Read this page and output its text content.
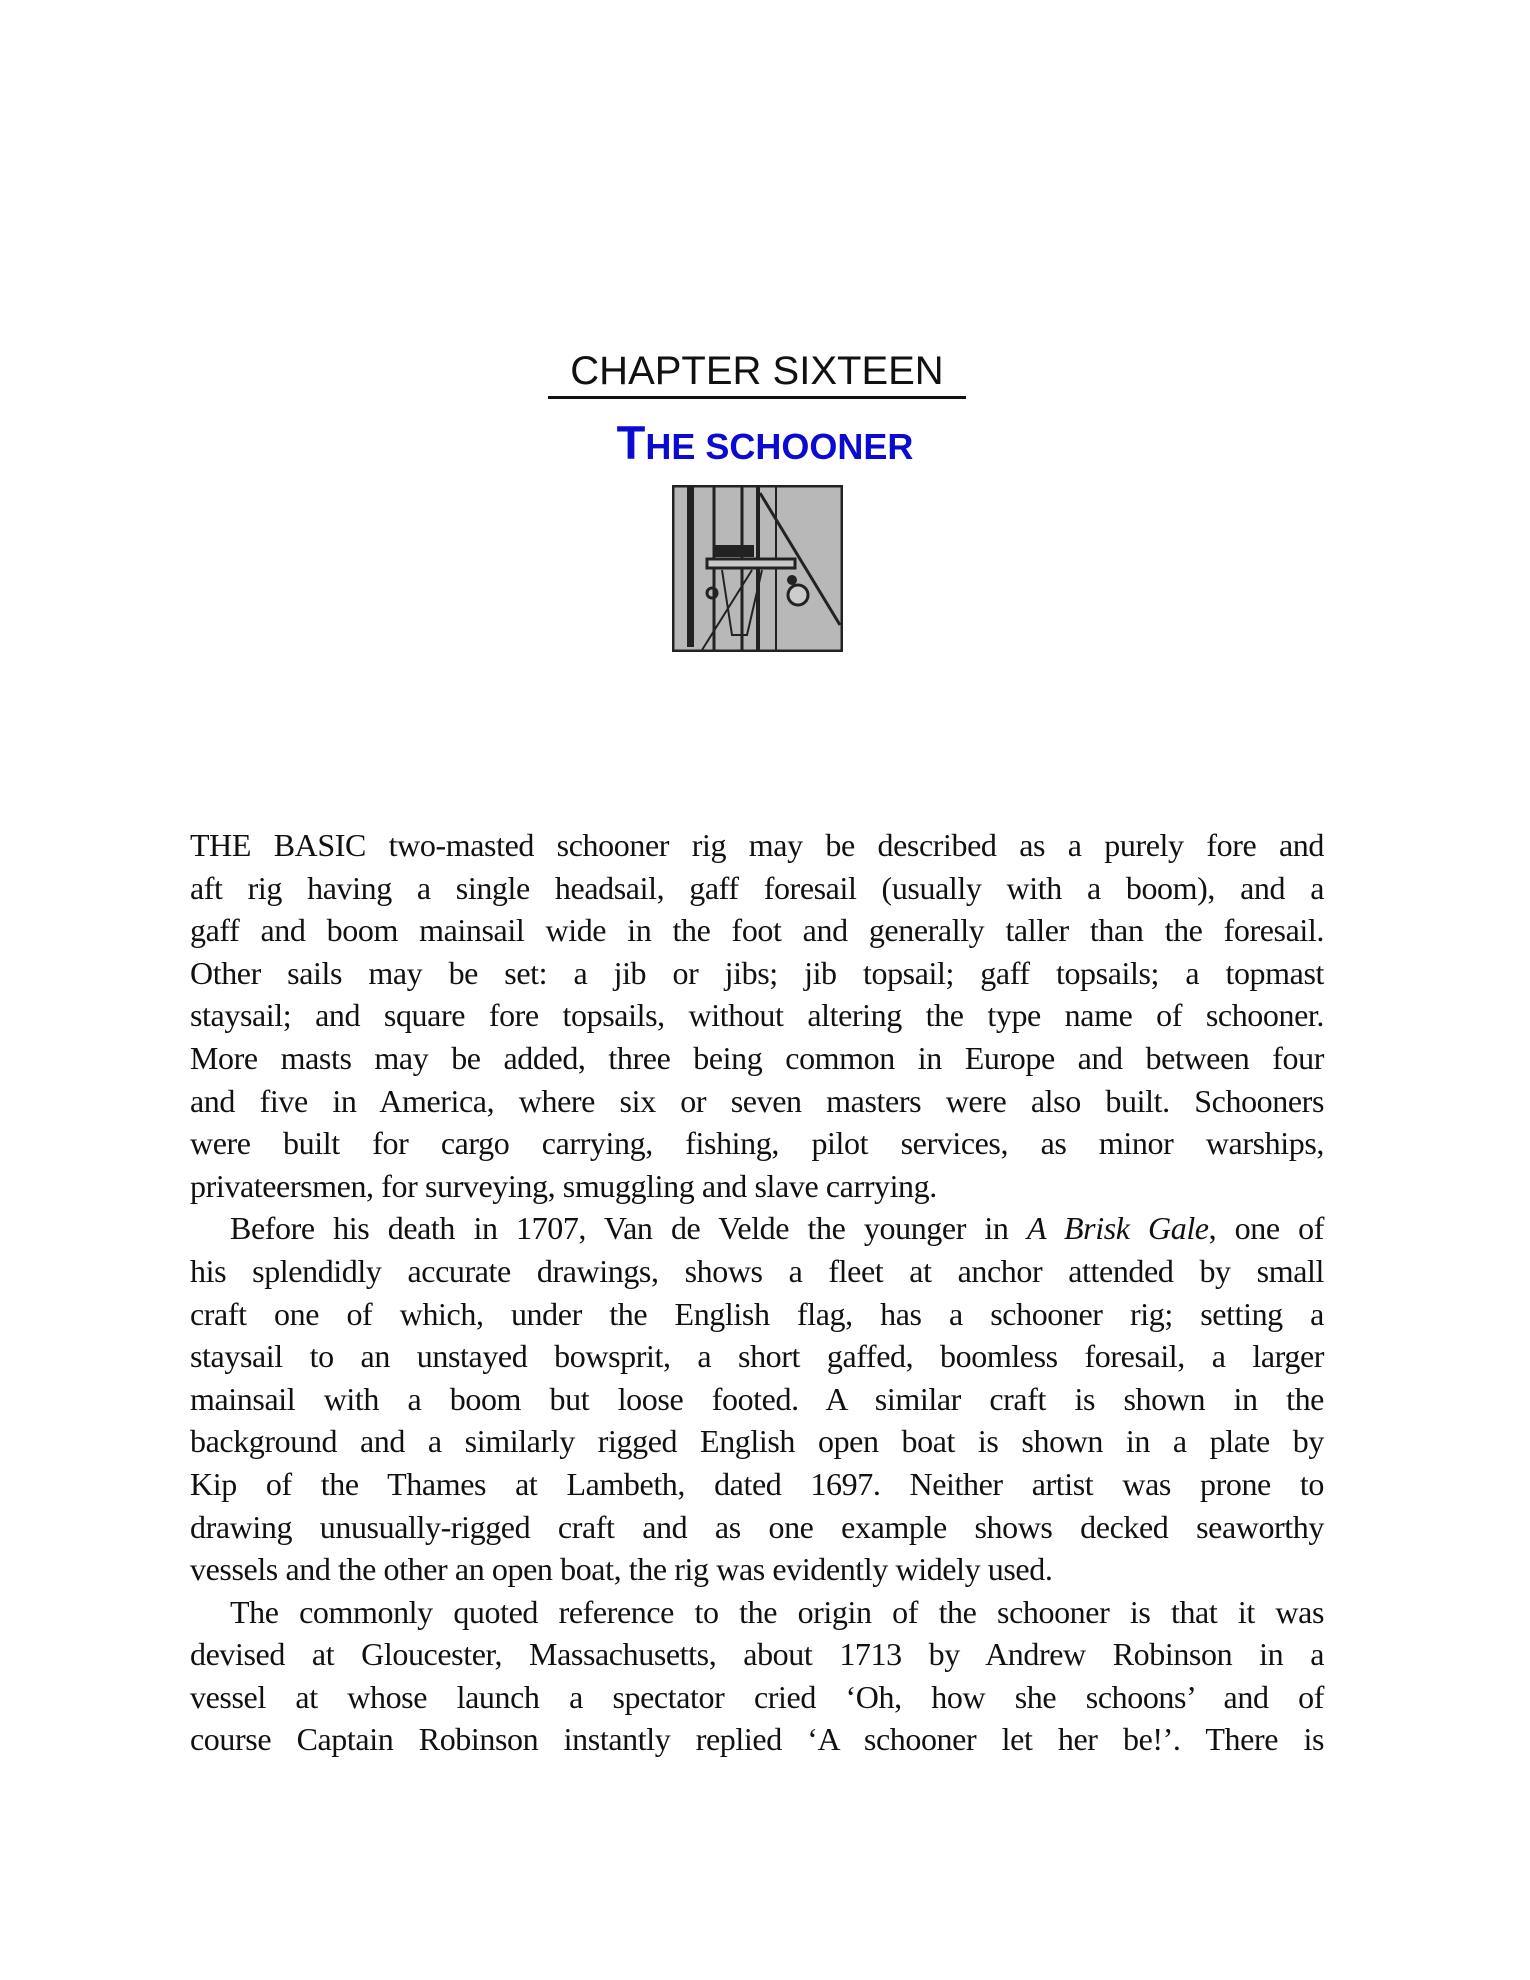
CHAPTER SIXTEEN
THE SCHOONER
THE BASIC two-masted schooner rig may be described as a purely fore and
aft rig having a single headsail, gaff foresail (usually with a boom), and a
gaff and boom mainsail wide in the foot and generally taller than the foresail.
Other sails may be set: a jib or jibs; jib topsail; gaff topsails; a topmast
staysail; and square fore topsails, without altering the type name of schooner.
More masts may be added, three being common in Europe and between four
and five in America, where six or seven masters were also built. Schooners
were built for cargo carrying, fishing, pilot services, as minor warships,
privateersmen, for surveying, smuggling and slave carrying.
Before his death in 1707, Van de Velde the younger in A Brisk Gale, one of
his splendidly accurate drawings, shows a fleet at anchor attended by small
craft one of which, under the English flag, has a schooner rig; setting a
staysail to an unstayed bowsprit, a short gaffed, boomless foresail, a larger
mainsail with a boom but loose footed. A similar craft is shown in the
background and a similarly rigged English open boat is shown in a plate by
Kip of the Thames at Lambeth, dated 1697. Neither artist was prone to
drawing unusually-rigged craft and as one example shows decked seaworthy
vessels and the other an open boat, the rig was evidently widely used.
The commonly quoted reference to the origin of the schooner is that it was
devised at Gloucester, Massachusetts, about 1713 by Andrew Robinson in a
vessel at whose launch a spectator cried ‘Oh, how she schoons’ and of
course Captain Robinson instantly replied ‘A schooner let her be!’. There is
